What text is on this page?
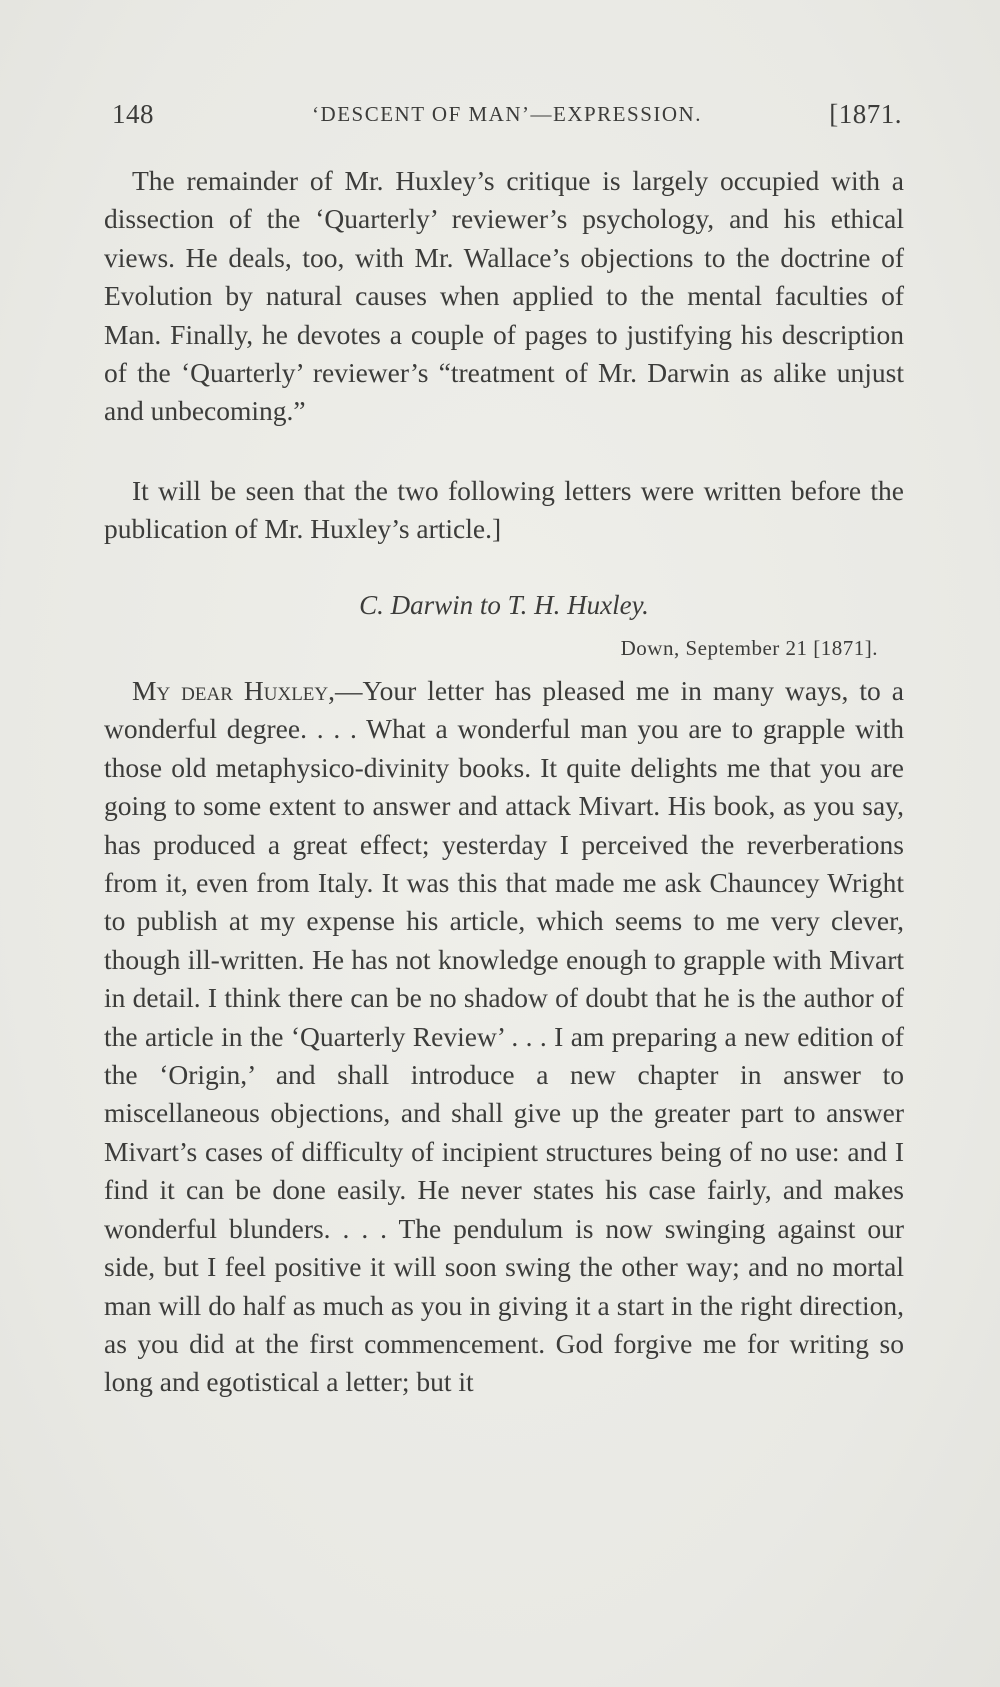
148	‘DESCENT OF MAN’—EXPRESSION.	[1871.

The remainder of Mr. Huxley’s critique is largely occupied with a dissection of the ‘Quarterly’ reviewer’s psychology, and his ethical views. He deals, too, with Mr. Wallace’s objections to the doctrine of Evolution by natural causes when applied to the mental faculties of Man. Finally, he devotes a couple of pages to justifying his description of the ‘Quarterly’ reviewer’s “treatment of Mr. Darwin as alike unjust and unbecoming.”

It will be seen that the two following letters were written before the publication of Mr. Huxley’s article.]

C. Darwin to T. H. Huxley.
Down, September 21 [1871].

My dear Huxley,—Your letter has pleased me in many ways, to a wonderful degree. . . . What a wonderful man you are to grapple with those old metaphysico-divinity books. It quite delights me that you are going to some extent to answer and attack Mivart. His book, as you say, has produced a great effect; yesterday I perceived the reverberations from it, even from Italy. It was this that made me ask Chauncey Wright to publish at my expense his article, which seems to me very clever, though ill-written. He has not knowledge enough to grapple with Mivart in detail. I think there can be no shadow of doubt that he is the author of the article in the ‘Quarterly Review’ . . . I am preparing a new edition of the ‘Origin,’ and shall introduce a new chapter in answer to miscellaneous objections, and shall give up the greater part to answer Mivart’s cases of difficulty of incipient structures being of no use: and I find it can be done easily. He never states his case fairly, and makes wonderful blunders. . . . The pendulum is now swinging against our side, but I feel positive it will soon swing the other way; and no mortal man will do half as much as you in giving it a start in the right direction, as you did at the first commencement. God forgive me for writing so long and egotistical a letter; but it
